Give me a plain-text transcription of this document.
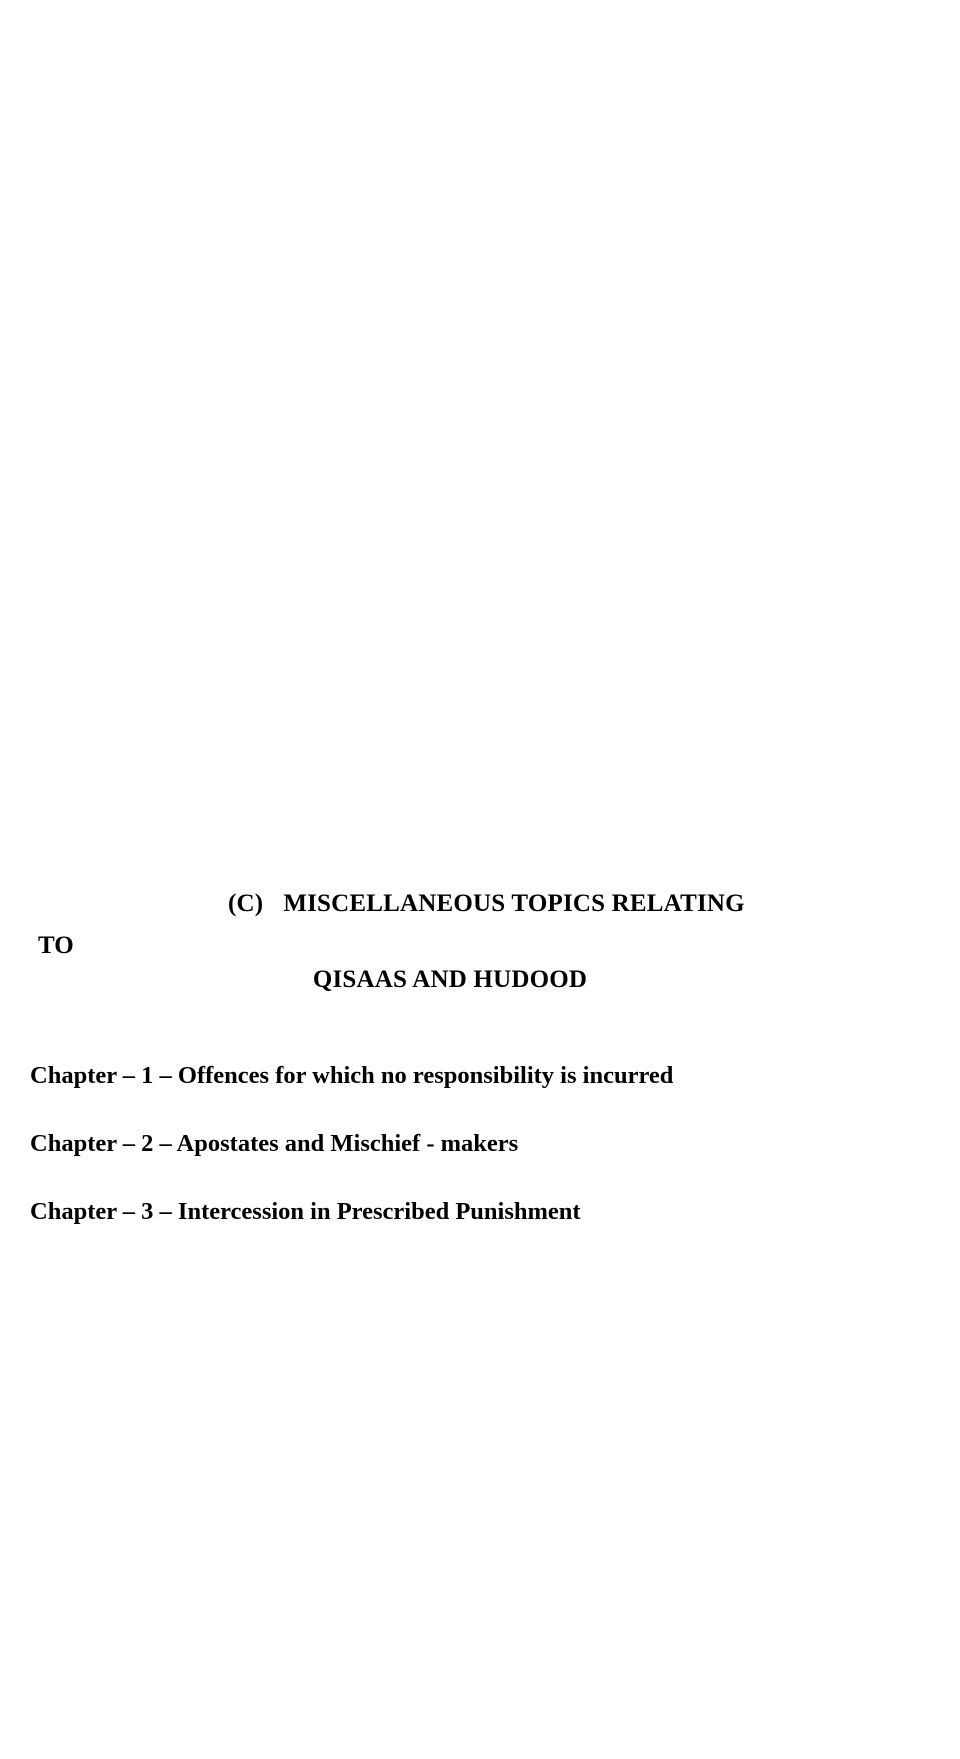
(C) MISCELLANEOUS TOPICS RELATING
TO
QISAAS AND HUDOOD
Chapter – 1 – Offences for which no responsibility is incurred
Chapter – 2 – Apostates and Mischief - makers
Chapter – 3 – Intercession in Prescribed Punishment
